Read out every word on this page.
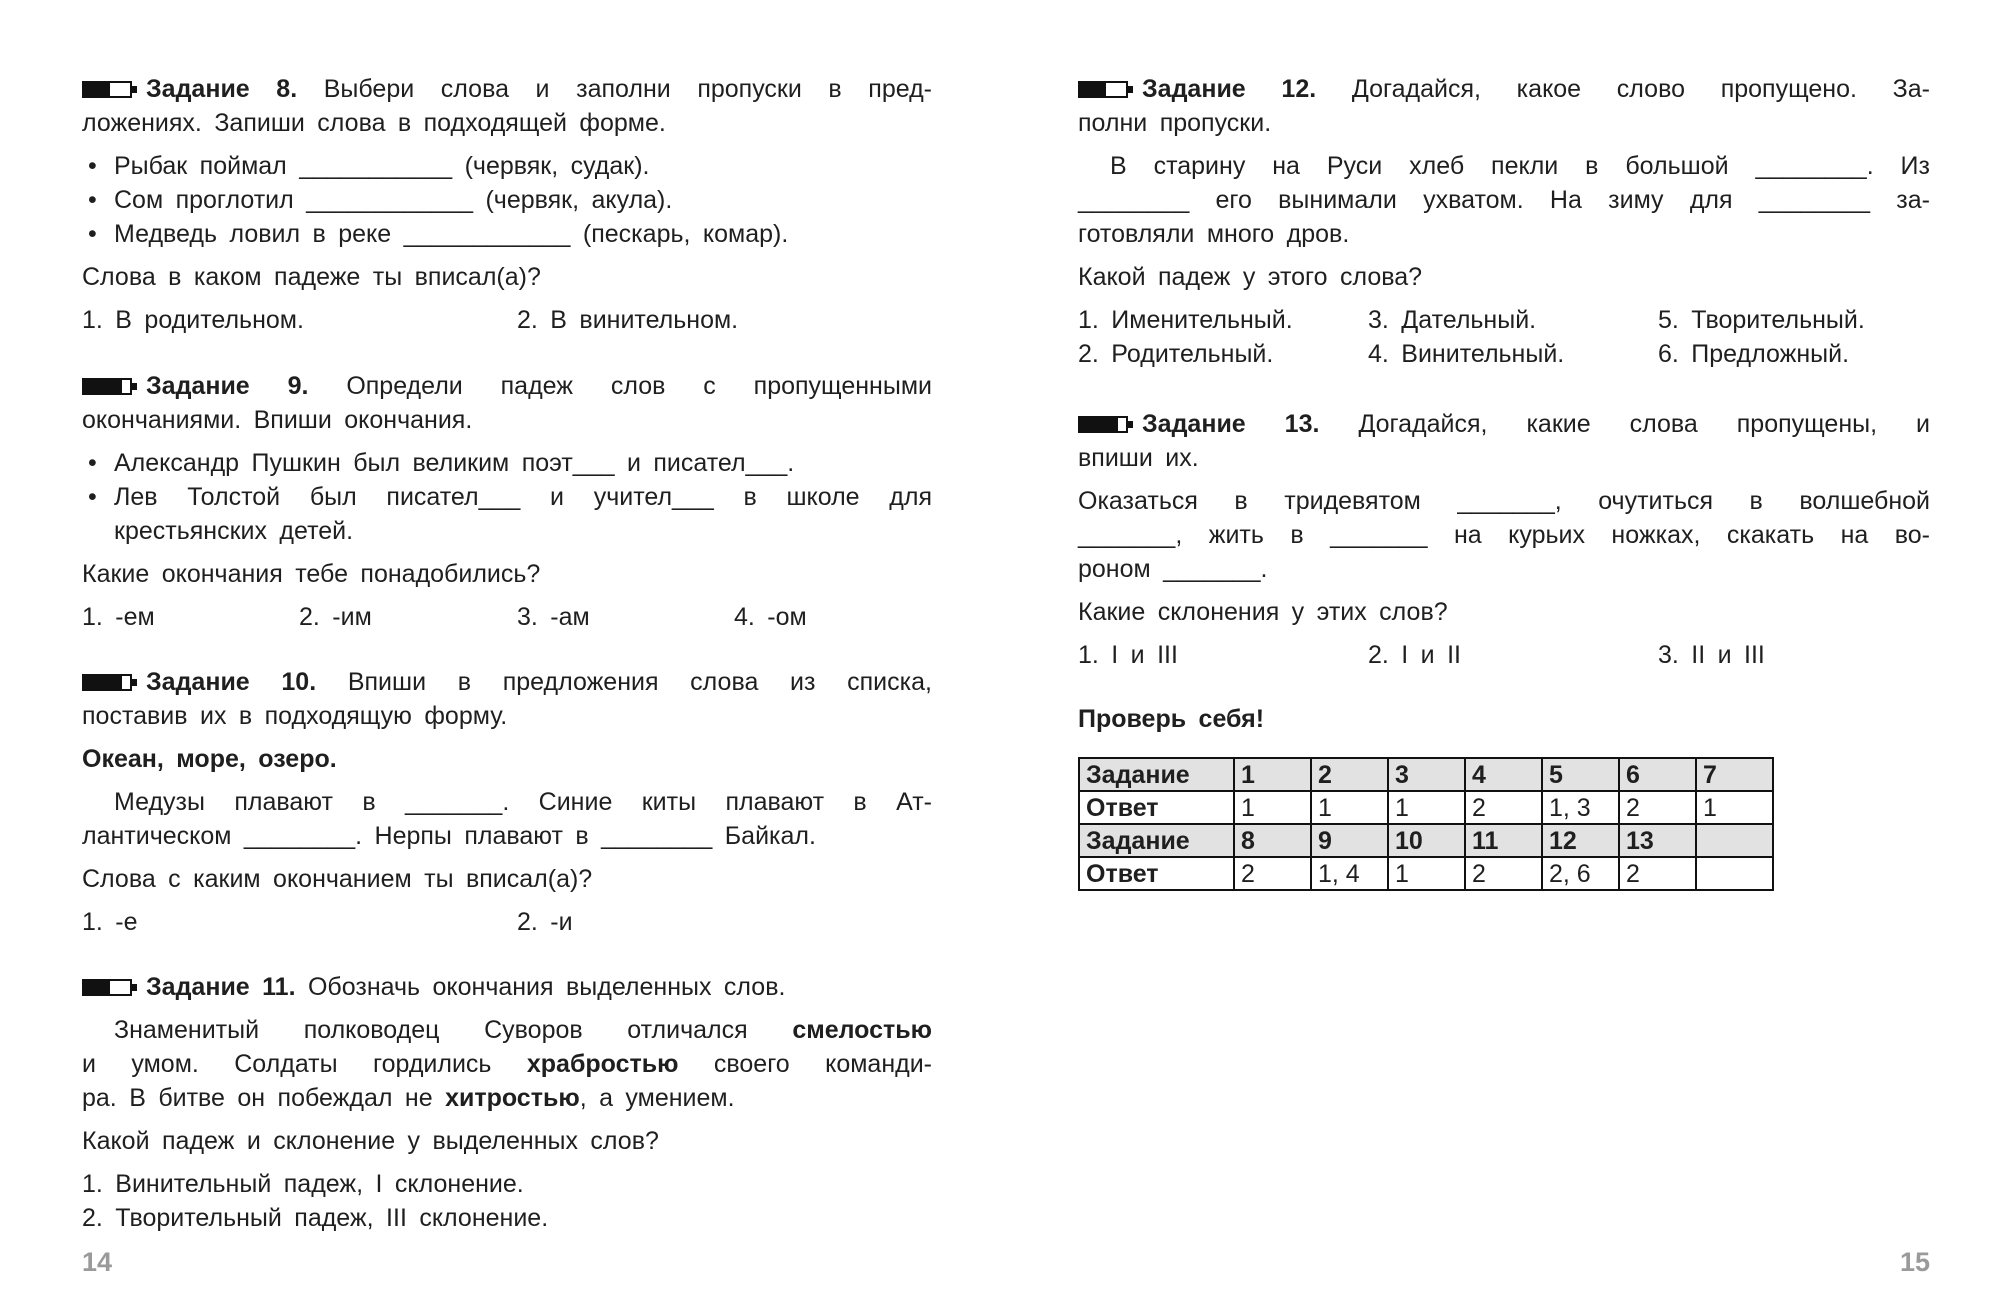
Задание 8. Выбери слова и заполни пропуски в пред-

ложениях. Запиши слова в подходящей форме.

• Рыбак поймал ___________ (червяк, судак).
• Сом проглотил ____________ (червяк, акула).
• Медведь ловил в реке ____________ (пескарь, комар).

Слова в каком падеже ты вписал(а)?

1. В родительном.	2. В винительном.

Задание 9. Определи падеж слов с пропущенными

окончаниями. Впиши окончания.

• Александр Пушкин был великим поэт___ и писател___.
• Лев Толстой был писател___ и учител___ в школе для
крестьянских детей.

Какие окончания тебе понадобились?

1. -ем	2. -им	3. -ам	4. -ом

Задание 10. Впиши в предложения слова из списка,

поставив их в подходящую форму.

Океан, море, озеро.

Медузы плавают в _______. Синие киты плавают в Ат-

лантическом ________. Нерпы плавают в ________ Байкал.

Слова с каким окончанием ты вписал(а)?

1. -е	2. -и

Задание 11. Обозначь окончания выделенных слов.

Знаменитый полководец Суворов отличался смелостью

и умом. Солдаты гордились храбростью своего команди-

ра. В битве он побеждал не хитростью, а умением.

Какой падеж и склонение у выделенных слов?

1. Винительный падеж, I склонение.

2. Творительный падеж, III склонение.

14

Задание 12. Догадайся, какое слово пропущено. За-

полни пропуски.

В старину на Руси хлеб пекли в большой ________. Из

________ его вынимали ухватом. На зиму для ________ за-

готовляли много дров.

Какой падеж у этого слова?

1. Именительный.	3. Дательный.	5. Творительный.
2. Родительный.	4. Винительный.	6. Предложный.

Задание 13. Догадайся, какие слова пропущены, и

впиши их.

Оказаться в тридевятом _______, очутиться в волшебной

_______, жить в _______ на курьих ножках, скакать на во-

роном _______.

Какие склонения у этих слов?

1. I и III	2. I и II	3. II и III

Проверь себя!

Задание	1	2	3	4	5	6	7
Ответ	1	1	1	2	1, 3	2	1
Задание	8	9	10	11	12	13	
Ответ	2	1, 4	1	2	2, 6	2	
15
